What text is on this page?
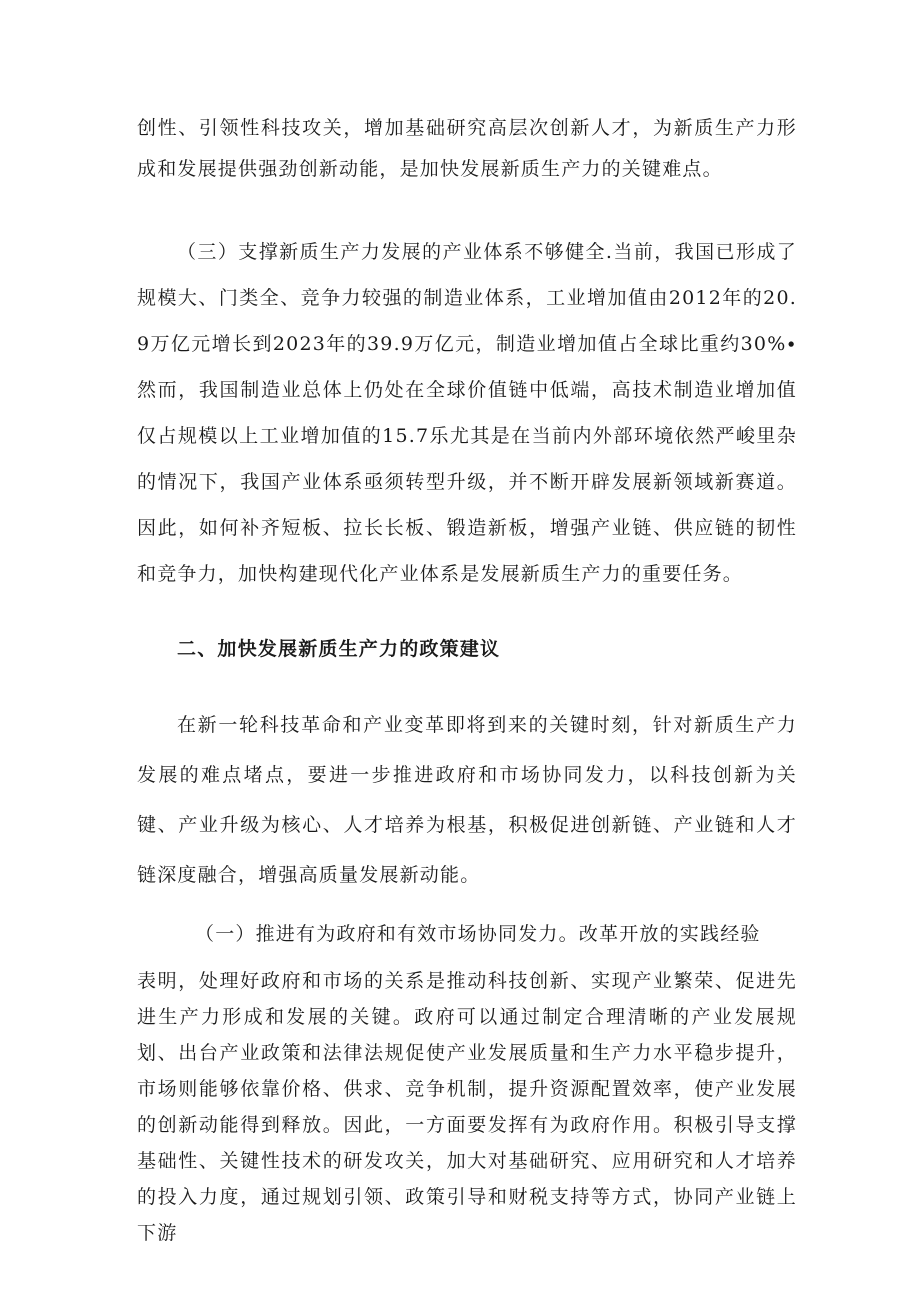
创性、引领性科技攻关，增加基础研究高层次创新人才，为新质生产力形成和发展提供强劲创新动能，是加快发展新质生产力的关键难点。

（三）支撑新质生产力发展的产业体系不够健全.当前，我国已形成了规模大、门类全、竞争力较强的制造业体系，工业增加值由2012年的20.9万亿元增长到2023年的39.9万亿元，制造业增加值占全球比重约30%∙然而，我国制造业总体上仍处在全球价值链中低端，高技术制造业增加值仅占规模以上工业增加值的15.7乐尤其是在当前内外部环境依然严峻里杂的情况下，我国产业体系亟须转型升级，并不断开辟发展新领域新赛道。因此，如何补齐短板、拉长长板、锻造新板，增强产业链、供应链的韧性和竞争力，加快构建现代化产业体系是发展新质生产力的重要任务。

二、加快发展新质生产力的政策建议

在新一轮科技革命和产业变革即将到来的关键时刻，针对新质生产力发展的难点堵点，要进一步推进政府和市场协同发力，以科技创新为关键、产业升级为核心、人才培养为根基，积极促进创新链、产业链和人才链深度融合，增强高质量发展新动能。

（一）推进有为政府和有效市场协同发力。改革开放的实践经验

表明，处理好政府和市场的关系是推动科技创新、实现产业繁荣、促进先进生产力形成和发展的关键。政府可以通过制定合理清晰的产业发展规划、出台产业政策和法律法规促使产业发展质量和生产力水平稳步提升，市场则能够依靠价格、供求、竞争机制，提升资源配置效率，使产业发展的创新动能得到释放。因此，一方面要发挥有为政府作用。积极引导支撑基础性、关键性技术的研发攻关，加大对基础研究、应用研究和人才培养的投入力度，通过规划引领、政策引导和财税支持等方式，协同产业链上下游
